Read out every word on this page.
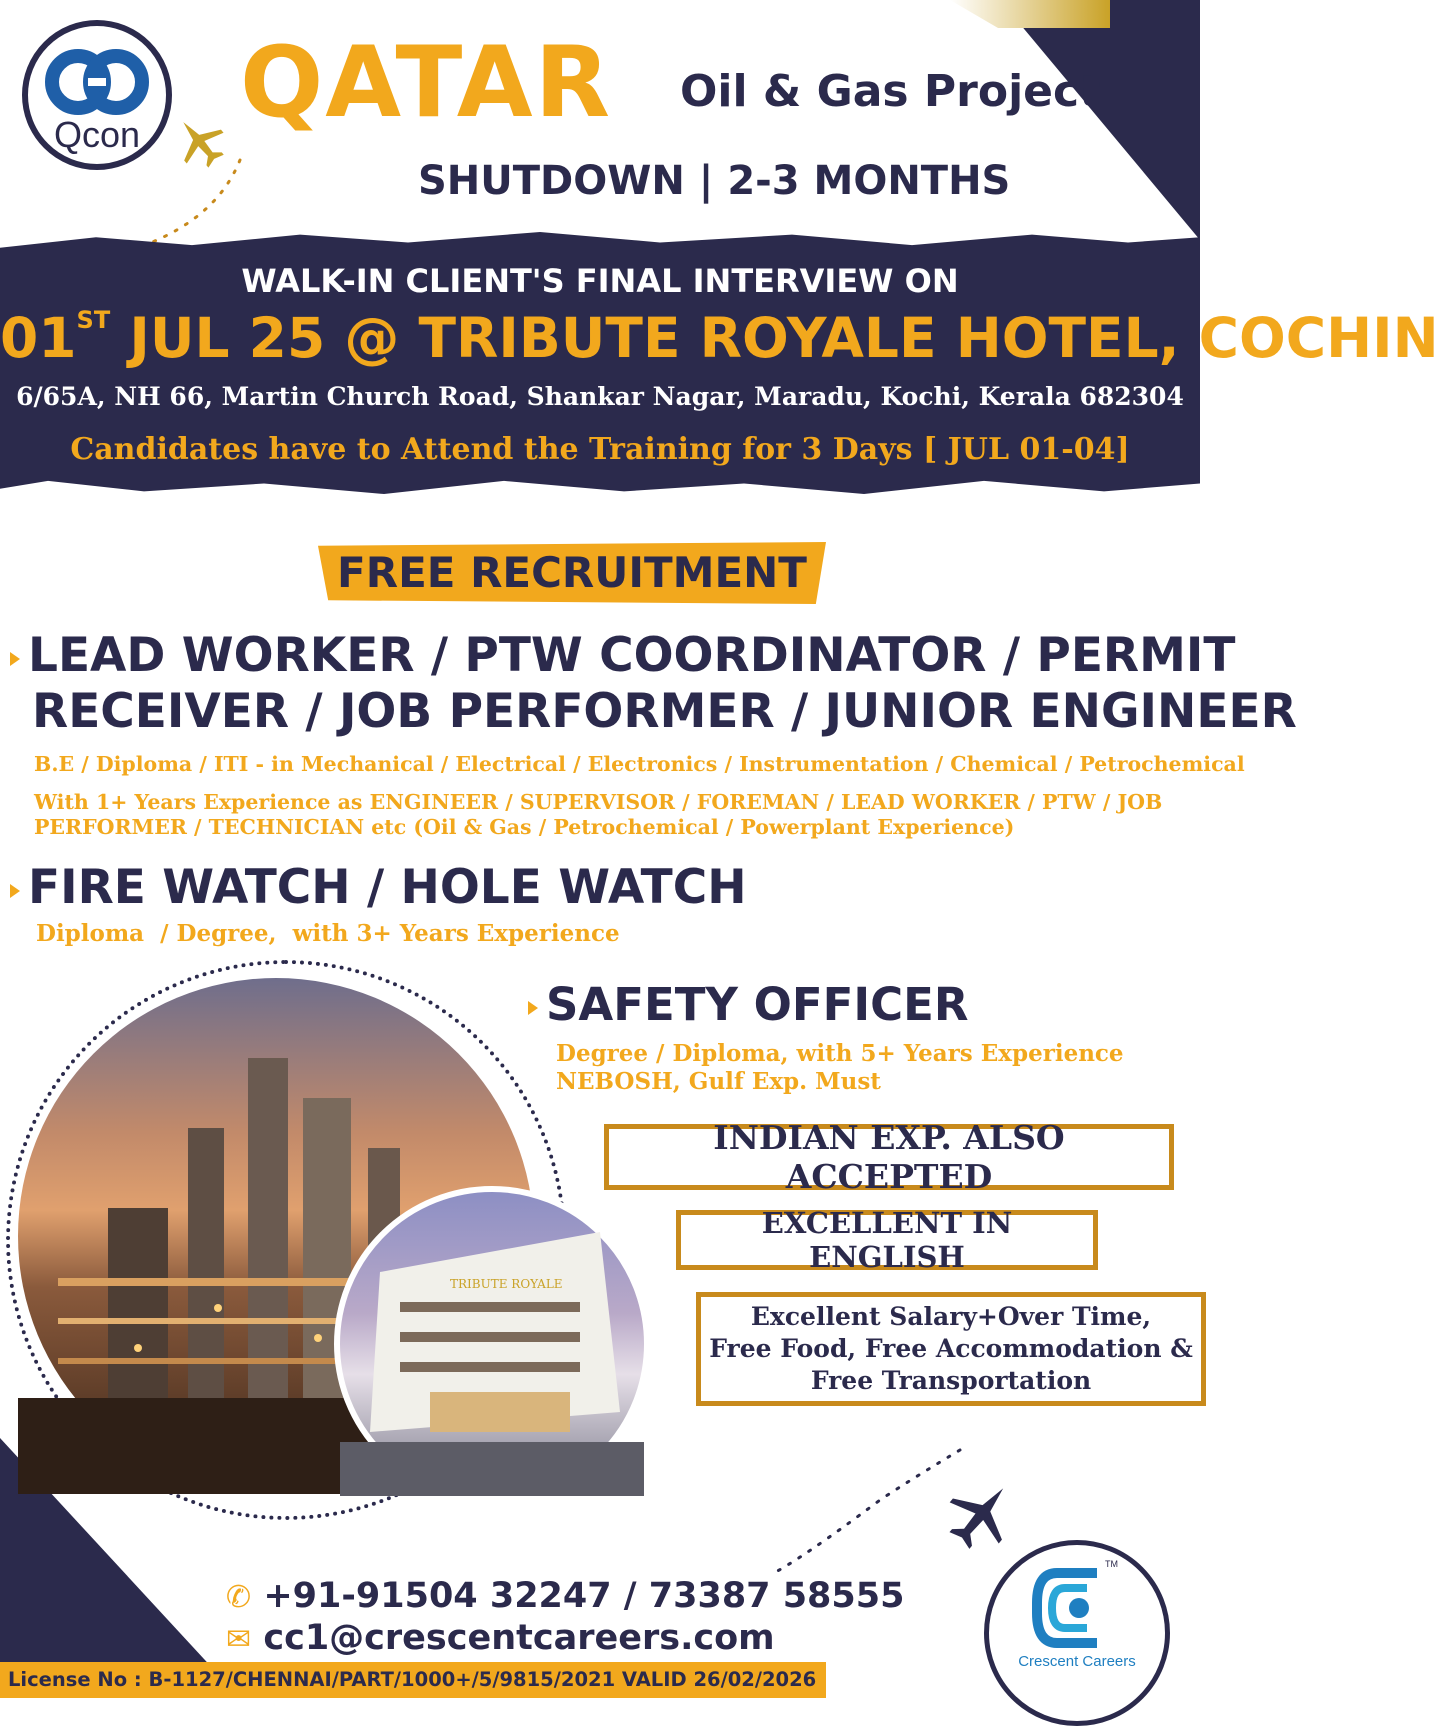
Qcon QATAR Oil & Gas Project
SHUTDOWN | 2-3 MONTHS
WALK-IN CLIENT'S FINAL INTERVIEW ON
01ST JUL 25 @ TRIBUTE ROYALE HOTEL, COCHIN
6/65A, NH 66, Martin Church Road, Shankar Nagar, Maradu, Kochi, Kerala 682304
Candidates have to Attend the Training for 3 Days [ JUL 01-04]
FREE RECRUITMENT
LEAD WORKER / PTW COORDINATOR / PERMIT
RECEIVER / JOB PERFORMER / JUNIOR ENGINEER
B.E / Diploma / ITI - in Mechanical / Electrical / Electronics / Instrumentation / Chemical / Petrochemical
With 1+ Years Experience as ENGINEER / SUPERVISOR / FOREMAN / LEAD WORKER / PTW / JOB
PERFORMER / TECHNICIAN etc (Oil & Gas / Petrochemical / Powerplant Experience)
FIRE WATCH / HOLE WATCH
Diploma  / Degree,  with 3+ Years Experience
SAFETY OFFICER
Degree / Diploma, with 5+ Years Experience
NEBOSH, Gulf Exp. Must
TRIBUTE ROYALE
INDIAN EXP. ALSO ACCEPTED
EXCELLENT IN ENGLISH
Excellent Salary+Over Time,
Free Food, Free Accommodation &
Free Transportation
TM
Crescent Careers
✆ +91-91504 32247 / 73387 58555
✉ cc1@crescentcareers.com
License No : B-1127/CHENNAI/PART/1000+/5/9815/2021 VALID 26/02/2026
